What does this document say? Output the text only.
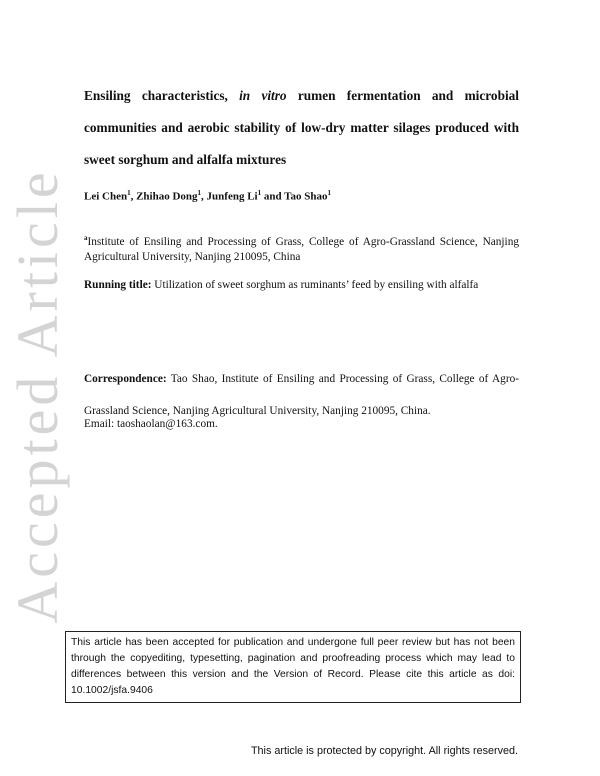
Accepted Article
Ensiling characteristics, in vitro rumen fermentation and microbial communities and aerobic stability of low-dry matter silages produced with sweet sorghum and alfalfa mixtures
Lei Chen$^1$, Zhihao Dong$^1$, Junfeng Li$^1$ and Tao Shao$^1$
$^a$Institute of Ensiling and Processing of Grass, College of Agro-Grassland Science, Nanjing Agricultural University, Nanjing 210095, China
Running title: Utilization of sweet sorghum as ruminants’ feed by ensiling with alfalfa
Correspondence: Tao Shao, Institute of Ensiling and Processing of Grass, College of Agro-Grassland Science, Nanjing Agricultural University, Nanjing 210095, China.
Email: taoshaolan@163.com.
This article has been accepted for publication and undergone full peer review but has not been through the copyediting, typesetting, pagination and proofreading process which may lead to differences between this version and the Version of Record. Please cite this article as doi: 10.1002/jsfa.9406
This article is protected by copyright. All rights reserved.
